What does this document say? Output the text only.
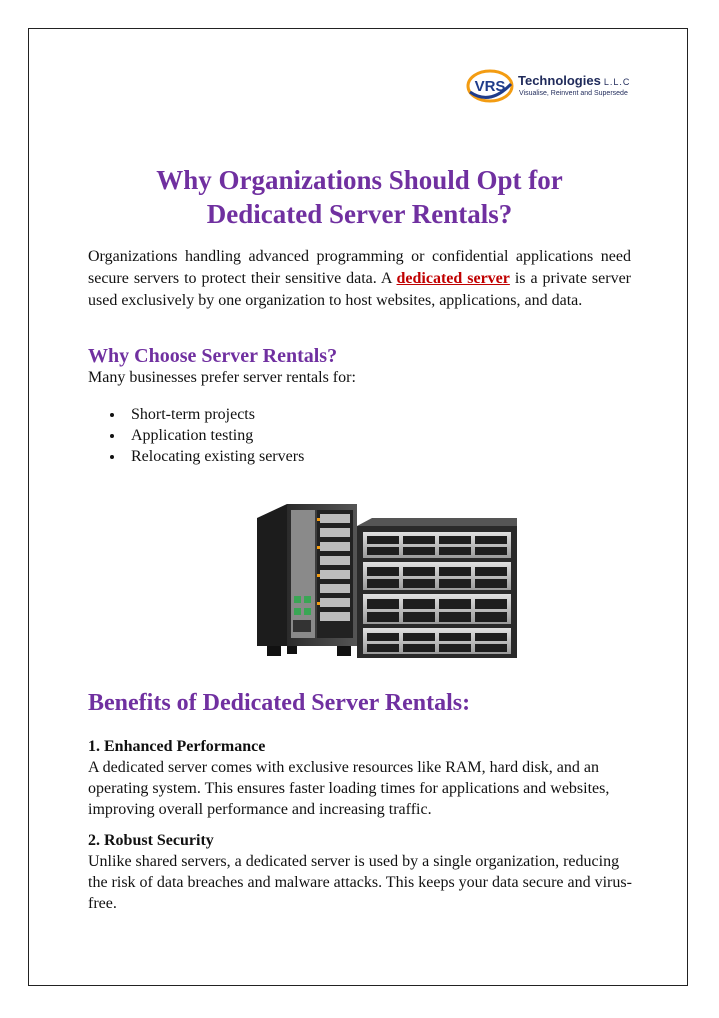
VRS Technologies L.L.C
Visualise, Reinvent and Supersede
Why Organizations Should Opt for
Dedicated Server Rentals?

Organizations handling advanced programming or confidential applications need secure servers to protect their sensitive data. A dedicated server is a private server used exclusively by one organization to host websites, applications, and data.

Why Choose Server Rentals?

Many businesses prefer server rentals for:

Short-term projects
Application testing
Relocating existing servers
Benefits of Dedicated Server Rentals:

1. Enhanced Performance
A dedicated server comes with exclusive resources like RAM, hard disk, and an operating system. This ensures faster loading times for applications and websites, improving overall performance and increasing traffic.

2. Robust Security
Unlike shared servers, a dedicated server is used by a single organization, reducing the risk of data breaches and malware attacks. This keeps your data secure and virus-free.
